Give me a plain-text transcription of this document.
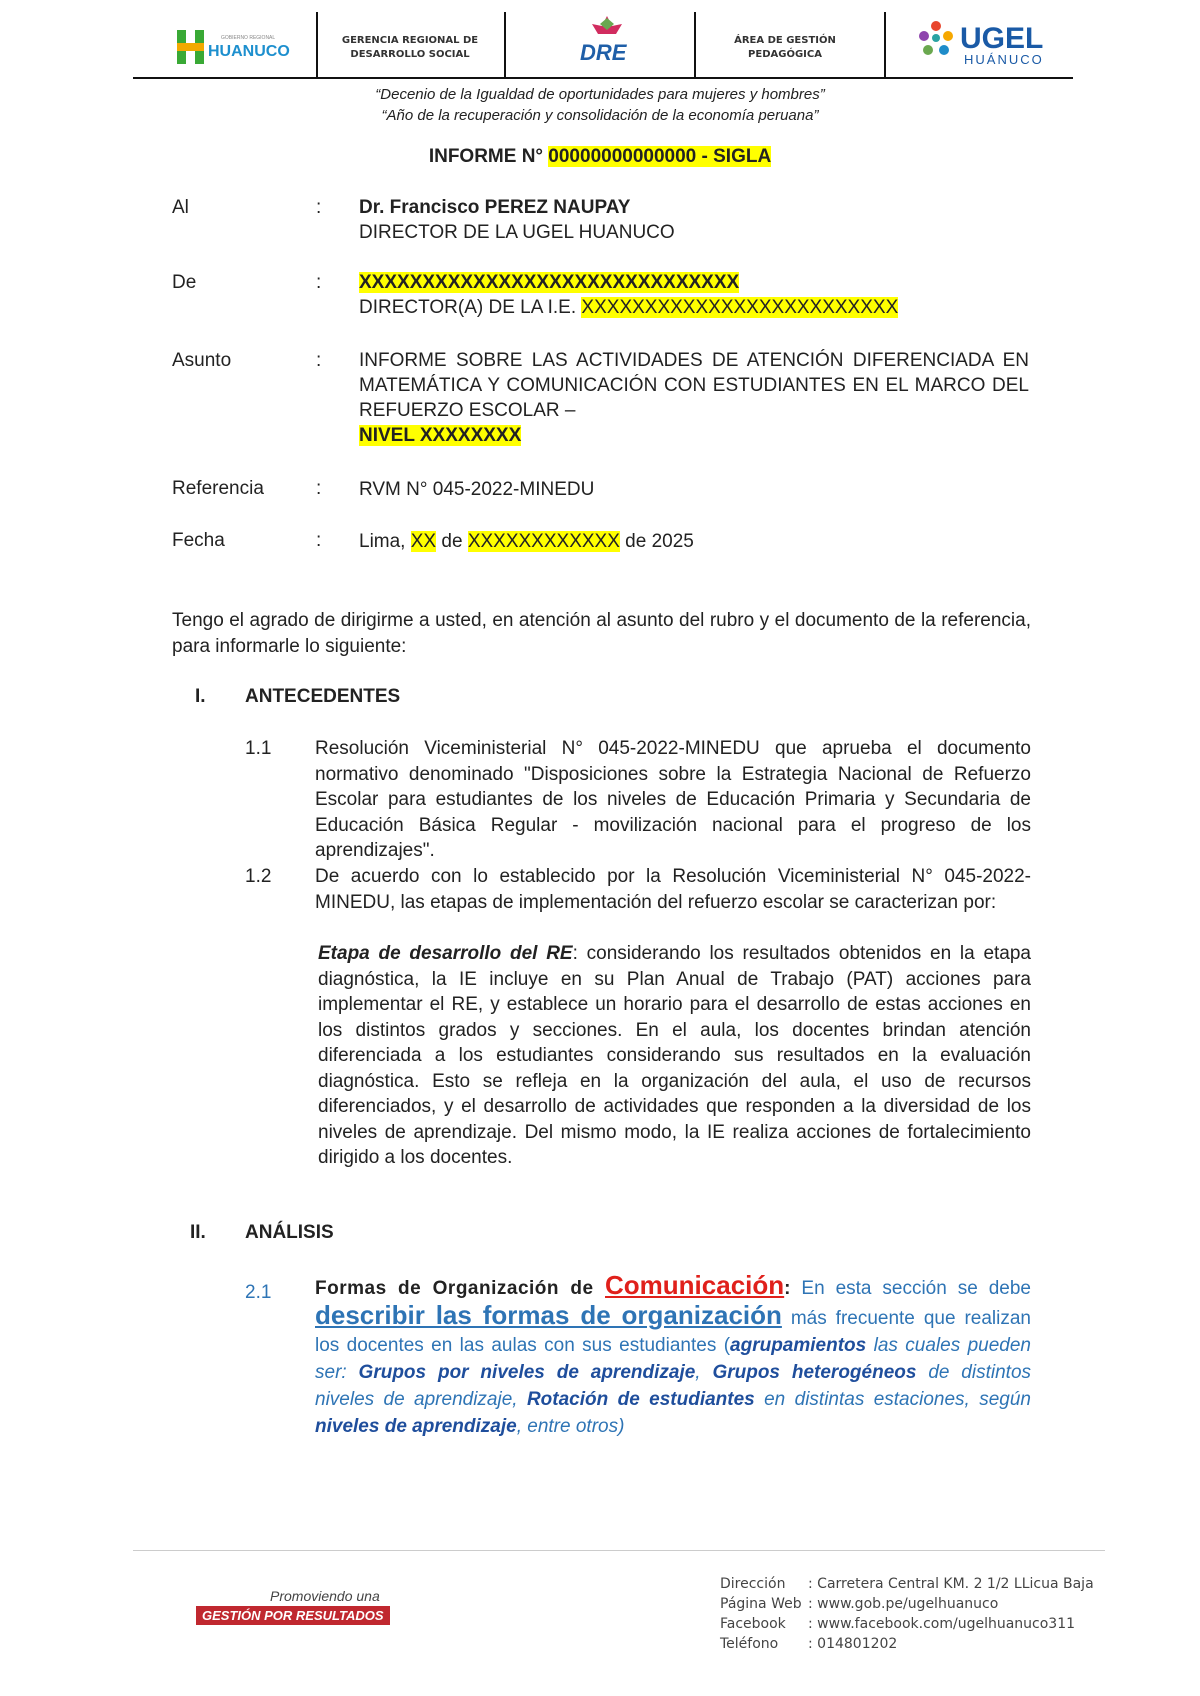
HUANUCO
GOBIERNO REGIONAL	GERENCIA REGIONAL DE
DESARROLLO SOCIAL	DRE	ÁREA DE GESTIÓN
PEDAGÓGICA	UGEL
HUÁNUCO
“Decenio de la Igualdad de oportunidades para mujeres y hombres”
“Año de la recuperación y consolidación de la economía peruana”
INFORME N° 00000000000000 - SIGLA
Al	: Dr. Francisco PEREZ NAUPAY
DIRECTOR DE LA UGEL HUANUCO
De	: XXXXXXXXXXXXXXXXXXXXXXXXXXXXXX
DIRECTOR(A) DE LA I.E. XXXXXXXXXXXXXXXXXXXXXXXXX
Asunto	: INFORME SOBRE LAS ACTIVIDADES DE ATENCIÓN DIFERENCIADA EN MATEMÁTICA Y COMUNICACIÓN CON ESTUDIANTES EN EL MARCO DEL REFUERZO ESCOLAR –
NIVEL XXXXXXXX
Referencia	: RVM N° 045-2022-MINEDU
Fecha	: Lima, XX de XXXXXXXXXXXX de 2025
Tengo el agrado de dirigirme a usted, en atención al asunto del rubro y el documento de la referencia, para informarle lo siguiente:
I. ANTECEDENTES
1.1 Resolución Viceministerial N° 045-2022-MINEDU que aprueba el documento normativo denominado "Disposiciones sobre la Estrategia Nacional de Refuerzo Escolar para estudiantes de los niveles de Educación Primaria y Secundaria de Educación Básica Regular - movilización nacional para el progreso de los aprendizajes".
1.2 De acuerdo con lo establecido por la Resolución Viceministerial N° 045-2022-MINEDU, las etapas de implementación del refuerzo escolar se caracterizan por:
Etapa de desarrollo del RE: considerando los resultados obtenidos en la etapa diagnóstica, la IE incluye en su Plan Anual de Trabajo (PAT) acciones para implementar el RE, y establece un horario para el desarrollo de estas acciones en los distintos grados y secciones. En el aula, los docentes brindan atención diferenciada a los estudiantes considerando sus resultados en la evaluación diagnóstica. Esto se refleja en la organización del aula, el uso de recursos diferenciados, y el desarrollo de actividades que responden a la diversidad de los niveles de aprendizaje. Del mismo modo, la IE realiza acciones de fortalecimiento dirigido a los docentes.
II. ANÁLISIS
2.1 Formas de Organización de Comunicación: En esta sección se debe describir las formas de organización más frecuente que realizan los docentes en las aulas con sus estudiantes (agrupamientos las cuales pueden ser: Grupos por niveles de aprendizaje, Grupos heterogéneos de distintos niveles de aprendizaje, Rotación de estudiantes en distintas estaciones, según niveles de aprendizaje, entre otros)
Promoviendo una
GESTIÓN POR RESULTADOS
Dirección : Carretera Central KM. 2 1/2 LLicua Baja
Página Web : www.gob.pe/ugelhuanuco
Facebook : www.facebook.com/ugelhuanuco311
Teléfono : 014801202
